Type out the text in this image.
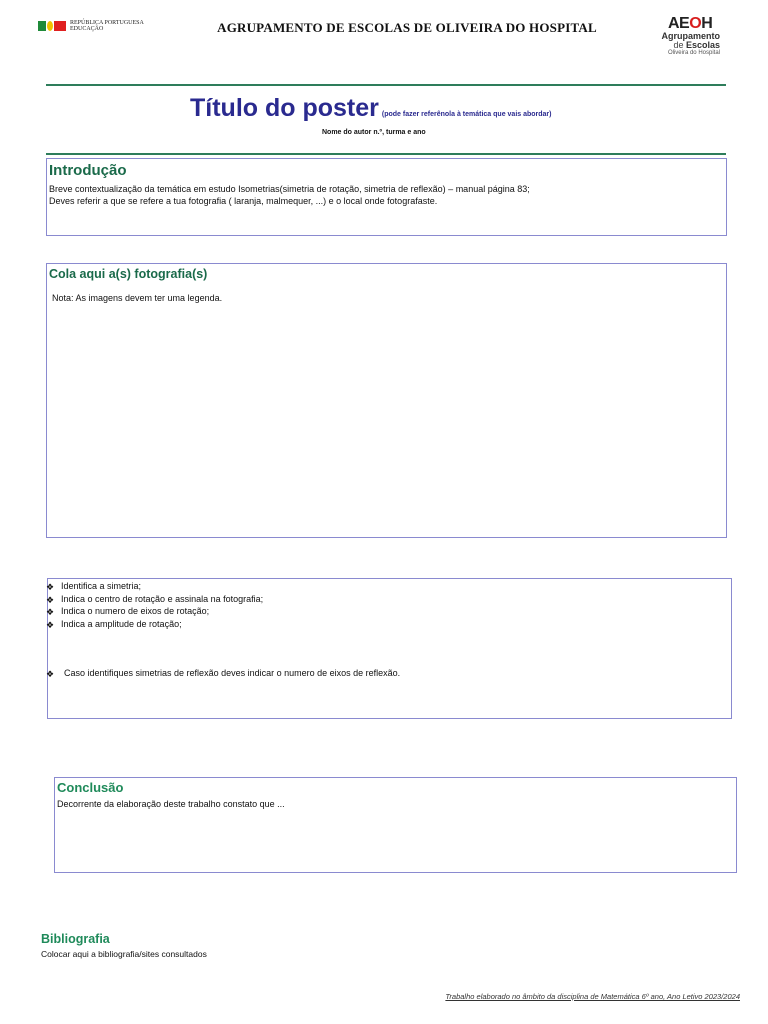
REPÚBLICA PORTUGUESA
EDUCAÇÃO	AGRUPAMENTO DE ESCOLAS DE OLIVEIRA DO HOSPITAL	AEOH
Agrupamento
de Escolas
Oliveira do Hospital
Título do poster (pode fazer referênola à temática que vais abordar)
Nome do autor n.º, turma e ano
Introdução
Breve contextualização da temática em estudo Isometrias(simetria de rotação, simetria de reflexão) – manual página 83;
Deves referir a que se refere a tua fotografia ( laranja, malmequer, ...) e o local onde fotografaste.
Cola aqui a(s) fotografia(s)
Nota: As imagens devem ter uma legenda.
❖ Identifica a simetria;
❖ Indica o centro de rotação e assinala na fotografia;
❖ Indica o numero de eixos de rotação;
❖ Indica a amplitude de rotação;
❖ Caso identifiques simetrias de reflexão deves indicar o numero de eixos de reflexão.
Conclusão
Decorrente da elaboração deste trabalho constato que ...
Bibliografia
Colocar aqui a bibliografia/sites consultados
Trabalho elaborado no âmbito da disciplina de Matemática 6º ano, Ano Letivo 2023/2024
